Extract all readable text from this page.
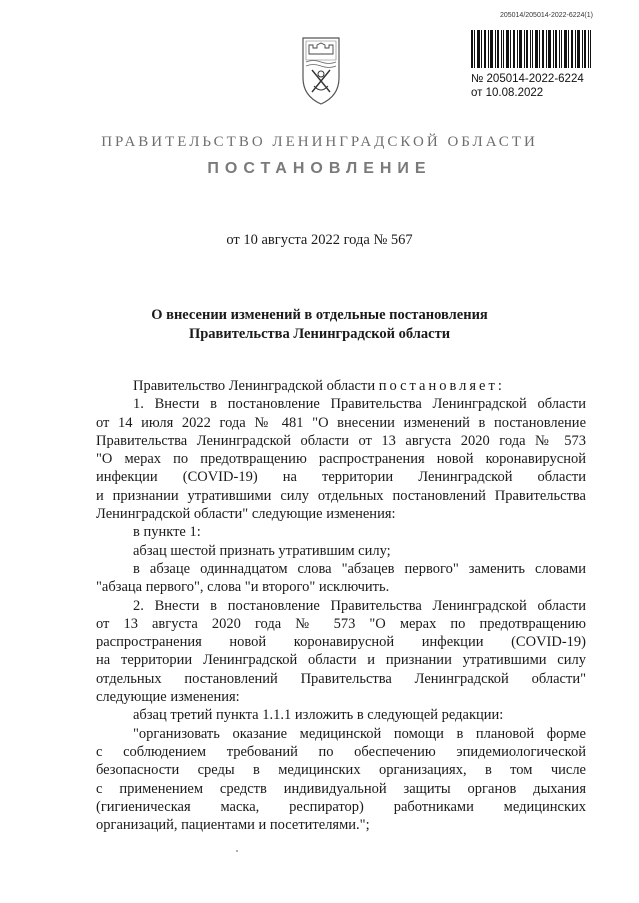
205014/205014-2022-6224(1)
№ 205014-2022-6224
от 10.08.2022
ПРАВИТЕЛЬСТВО ЛЕНИНГРАДСКОЙ ОБЛАСТИ
ПОСТАНОВЛЕНИЕ
от 10 августа 2022 года № 567
О внесении изменений в отдельные постановления
Правительства Ленинградской области

Правительство Ленинградской области постановляет:

1. Внести в постановление Правительства Ленинградской области

от 14 июля 2022 года № 481 "О внесении изменений в постановление

Правительства Ленинградской области от 13 августа 2020 года № 573

"О мерах по предотвращению распространения новой коронавирусной

инфекции (COVID-19) на территории Ленинградской области

и признании утратившими силу отдельных постановлений Правительства

Ленинградской области" следующие изменения:

в пункте 1:

абзац шестой признать утратившим силу;

в абзаце одиннадцатом слова "абзацев первого" заменить словами

"абзаца первого", слова "и второго" исключить.

2. Внести в постановление Правительства Ленинградской области

от 13 августа 2020 года № 573 "О мерах по предотвращению

распространения новой коронавирусной инфекции (COVID-19)

на территории Ленинградской области и признании утратившими силу

отдельных постановлений Правительства Ленинградской области"

следующие изменения:

абзац третий пункта 1.1.1 изложить в следующей редакции:

"организовать оказание медицинской помощи в плановой форме

с соблюдением требований по обеспечению эпидемиологической

безопасности среды в медицинских организациях, в том числе

с применением средств индивидуальной защиты органов дыхания

(гигиеническая маска, респиратор) работниками медицинских

организаций, пациентами и посетителями.";
